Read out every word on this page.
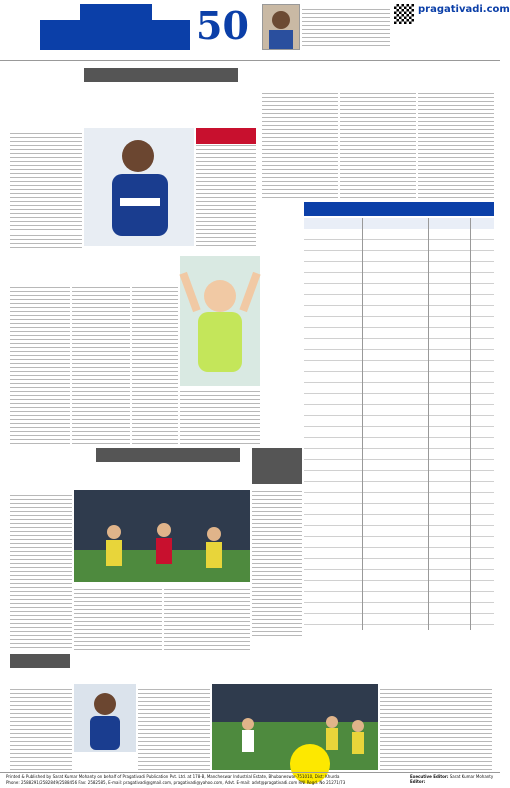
50	pragativadi.com
Printed & Published by Sarat Kumar Mohanty on behalf of Pragativadi Publication Pvt. Ltd. at 178-B, Mancheswar Industrial Estate, Bhubaneswar-751010, Dist: Khurda
Phone: 2588291/2582849/2588456 Fax: 2582585, E-mail: pragativadi@gmail.com, pragativadi@yahoo.com, Advt. E-mail: advt@pragativadi.com RNI Regd. No 21271/73
Executive Editor: Sarat Kumar Mohanty
Editor:
